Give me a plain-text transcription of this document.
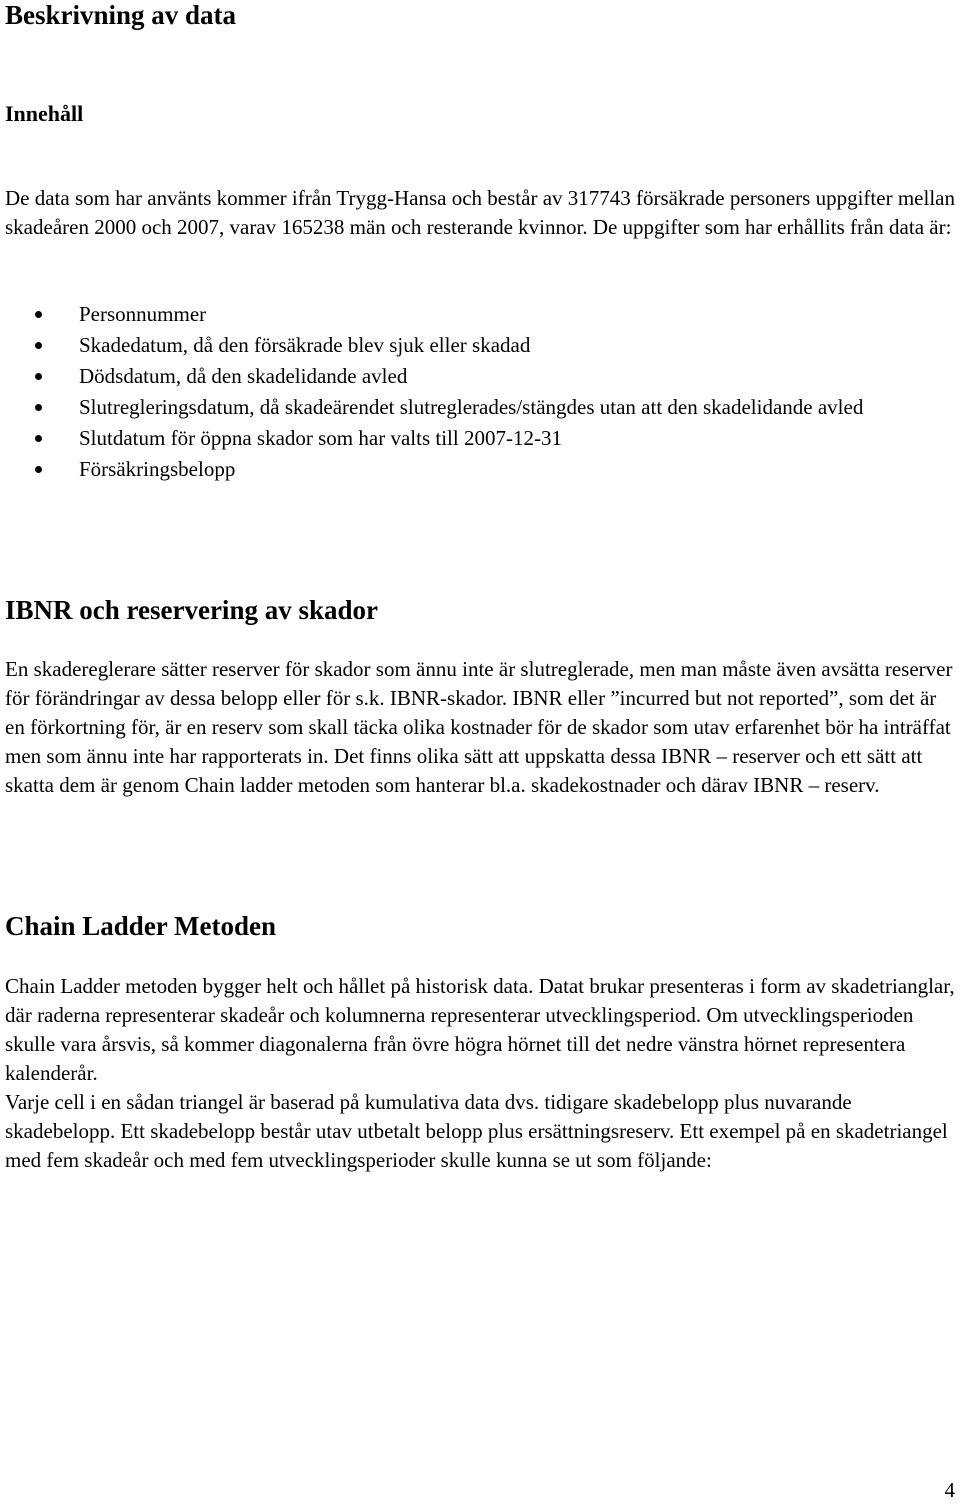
Beskrivning av data
Innehåll

De data som har använts kommer ifrån Trygg-Hansa och består av 317743 försäkrade personers uppgifter mellan skadeåren 2000 och 2007, varav 165238 män och resterande kvinnor. De uppgifter som har erhållits från data är:

Personnummer
Skadedatum, då den försäkrade blev sjuk eller skadad
Dödsdatum, då den skadelidande avled
Slutregleringsdatum, då skadeärendet slutreglerades/stängdes utan att den skadelidande avled
Slutdatum för öppna skador som har valts till 2007-12-31
Försäkringsbelopp
IBNR och reservering av skador

En skadereglerare sätter reserver för skador som ännu inte är slutreglerade, men man måste även avsätta reserver för förändringar av dessa belopp eller för s.k. IBNR-skador. IBNR eller ”incurred but not reported”, som det är en förkortning för, är en reserv som skall täcka olika kostnader för de skador som utav erfarenhet bör ha inträffat men som ännu inte har rapporterats in. Det finns olika sätt att uppskatta dessa IBNR – reserver och ett sätt att skatta dem är genom Chain ladder metoden som hanterar bl.a. skadekostnader och därav IBNR – reserv.

Chain Ladder Metoden

Chain Ladder metoden bygger helt och hållet på historisk data. Datat brukar presenteras i form av skadetrianglar, där raderna representerar skadeår och kolumnerna representerar utvecklingsperiod. Om utvecklingsperioden skulle vara årsvis, så kommer diagonalerna från övre högra hörnet till det nedre vänstra hörnet representera kalenderår.

Varje cell i en sådan triangel är baserad på kumulativa data dvs. tidigare skadebelopp plus nuvarande skadebelopp. Ett skadebelopp består utav utbetalt belopp plus ersättningsreserv. Ett exempel på en skadetriangel med fem skadeår och med fem utvecklingsperioder skulle kunna se ut som följande:

4
